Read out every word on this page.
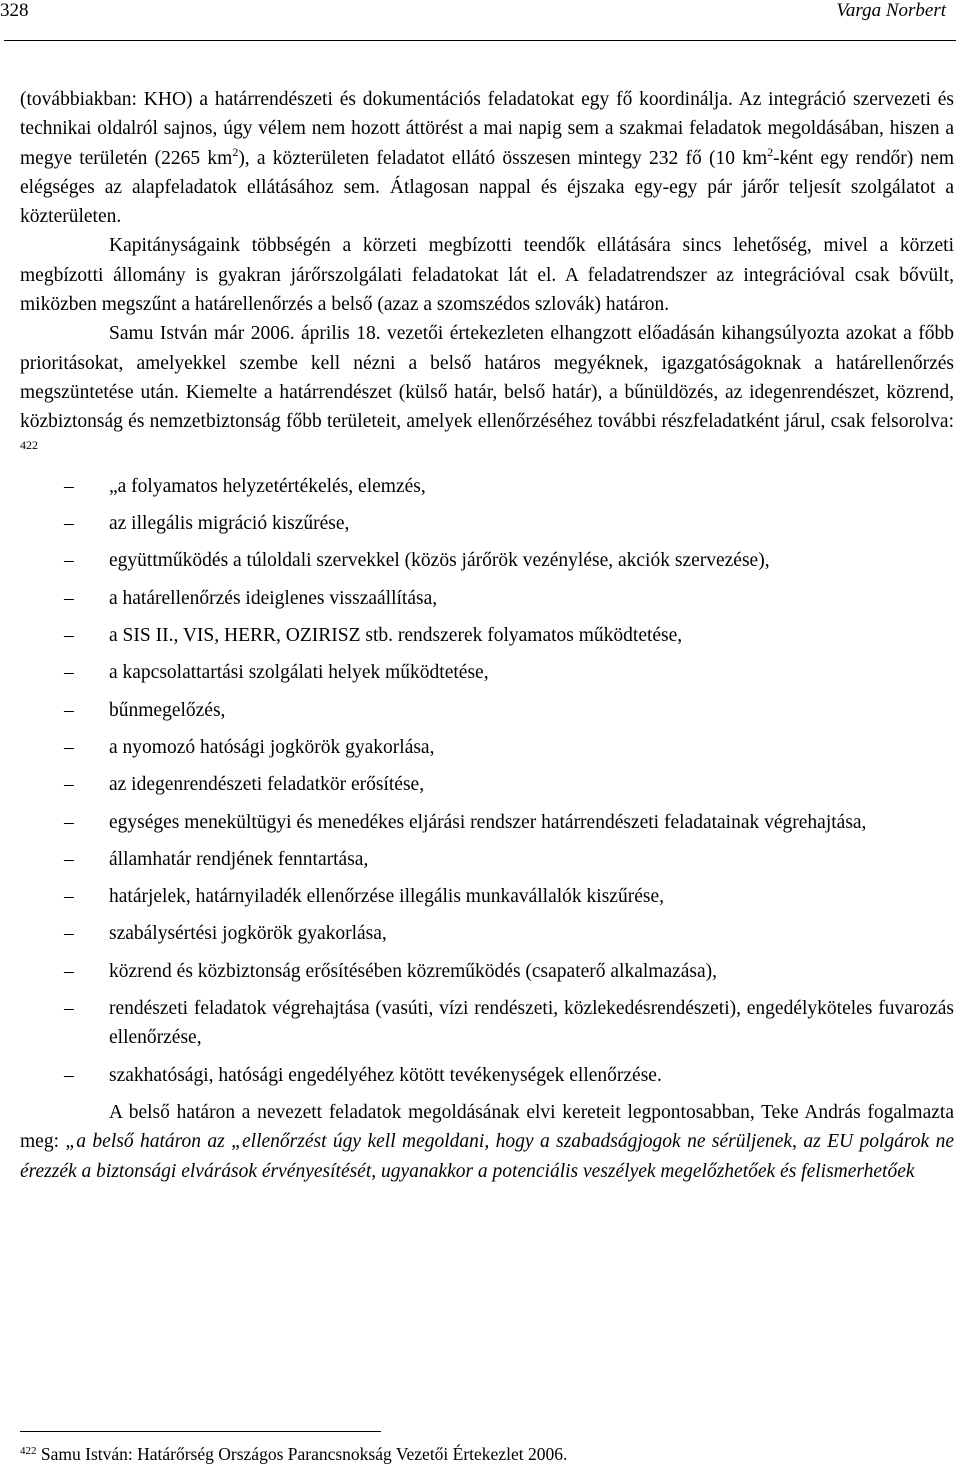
328	Varga Norbert

(továbbiakban: KHO) a határrendészeti és dokumentációs feladatokat egy fő koordinálja. Az integráció szervezeti és technikai oldalról sajnos, úgy vélem nem hozott áttörést a mai napig sem a szakmai feladatok megoldásában, hiszen a megye területén (2265 $km^2$), a közterületen feladatot ellátó összesen mintegy 232 fő (10 $km^2$-ként egy rendőr) nem elégséges az alapfeladatok ellátásához sem. Átlagosan nappal és éjszaka egy-egy pár járőr teljesít szolgálatot a közterületen.

Kapitányságaink többségén a körzeti megbízotti teendők ellátására sincs lehetőség, mivel a körzeti megbízotti állomány is gyakran járőrszolgálati feladatokat lát el. A feladatrendszer az integrációval csak bővült, miközben megszűnt a határellenőrzés a belső (azaz a szomszédos szlovák) határon.

Samu István már 2006. április 18. vezetői értekezleten elhangzott előadásán kihangsúlyozta azokat a főbb prioritásokat, amelyekkel szembe kell nézni a belső határos megyéknek, igazgatóságoknak a határellenőrzés megszüntetése után. Kiemelte a határrendészet (külső határ, belső határ), a bűnüldözés, az idegenrendészet, közrend, közbiztonság és nemzetbiztonság főbb területeit, amelyek ellenőrzéséhez további részfeladatként járul, csak felsorolva: $^{422}$

– „a folyamatos helyzetértékelés, elemzés,
– az illegális migráció kiszűrése,
– együttműködés a túloldali szervekkel (közös járőrök vezénylése, akciók szervezése),
– a határellenőrzés ideiglenes visszaállítása,
– a SIS II., VIS, HERR, OZIRISZ stb. rendszerek folyamatos működtetése,
– a kapcsolattartási szolgálati helyek működtetése,
– bűnmegelőzés,
– a nyomozó hatósági jogkörök gyakorlása,
– az idegenrendészeti feladatkör erősítése,
– egységes menekültügyi és menedékes eljárási rendszer határrendészeti feladatainak végrehajtása,
– államhatár rendjének fenntartása,
– határjelek, határnyiladék ellenőrzése illegális munkavállalók kiszűrése,
– szabálysértési jogkörök gyakorlása,
– közrend és közbiztonság erősítésében közreműködés (csapaterő alkalmazása),
– rendészeti feladatok végrehajtása (vasúti, vízi rendészeti, közlekedésrendészeti), engedélyköteles fuvarozás ellenőrzése,
– szakhatósági, hatósági engedélyéhez kötött tevékenységek ellenőrzése.

A belső határon a nevezett feladatok megoldásának elvi kereteit legpontosabban, Teke András fogalmazta meg: „a belső határon az „ellenőrzést úgy kell megoldani, hogy a szabadságjogok ne sérüljenek, az EU polgárok ne érezzék a biztonsági elvárások érvényesítését, ugyanakkor a potenciális veszélyek megelőzhetőek és felismerhetőek

$^{422}$ Samu István: Határőrség Országos Parancsnokság Vezetői Értekezlet 2006.
